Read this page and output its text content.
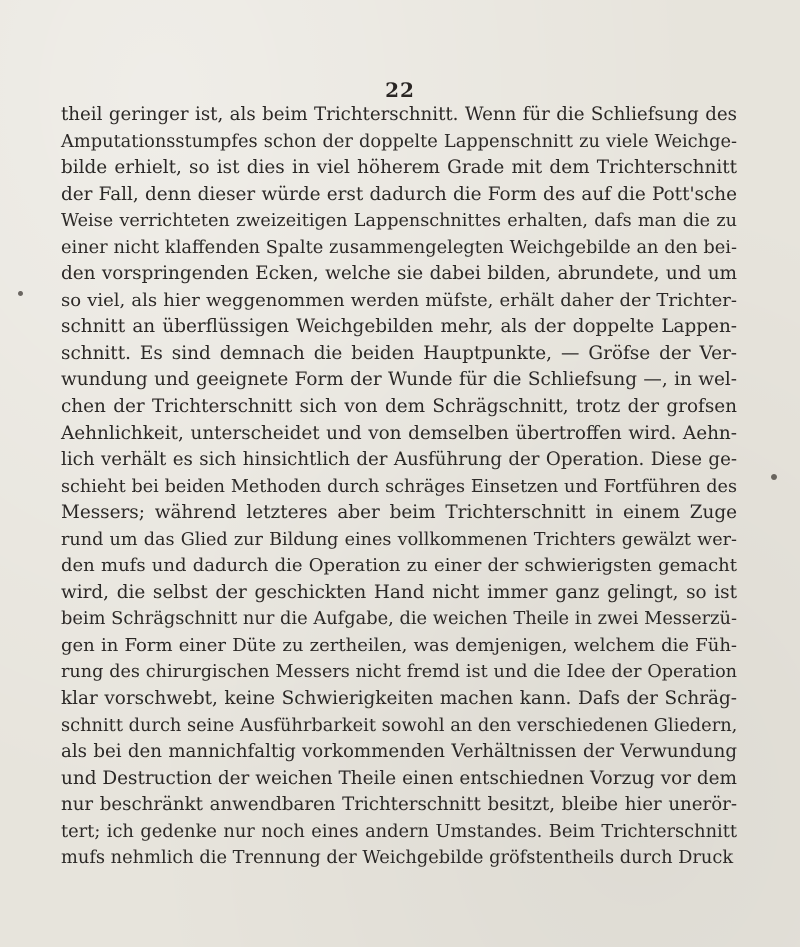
22
theil geringer ist, als beim Trichterschnitt. Wenn für die Schliefsung des
Amputationsstumpfes schon der doppelte Lappenschnitt zu viele Weichge-
bilde erhielt, so ist dies in viel höherem Grade mit dem Trichterschnitt
der Fall, denn dieser würde erst dadurch die Form des auf die Pott'sche
Weise verrichteten zweizeitigen Lappenschnittes erhalten, dafs man die zu
einer nicht klaffenden Spalte zusammengelegten Weichgebilde an den bei-
den vorspringenden Ecken, welche sie dabei bilden, abrundete, und um
so viel, als hier weggenommen werden müfste, erhält daher der Trichter-
schnitt an überflüssigen Weichgebilden mehr, als der doppelte Lappen-
schnitt. Es sind demnach die beiden Hauptpunkte, — Gröfse der Ver-
wundung und geeignete Form der Wunde für die Schliefsung —, in wel-
chen der Trichterschnitt sich von dem Schrägschnitt, trotz der grofsen
Aehnlichkeit, unterscheidet und von demselben übertroffen wird. Aehn-
lich verhält es sich hinsichtlich der Ausführung der Operation. Diese ge-
schieht bei beiden Methoden durch schräges Einsetzen und Fortführen des
Messers; während letzteres aber beim Trichterschnitt in einem Zuge
rund um das Glied zur Bildung eines vollkommenen Trichters gewälzt wer-
den mufs und dadurch die Operation zu einer der schwierigsten gemacht
wird, die selbst der geschickten Hand nicht immer ganz gelingt, so ist
beim Schrägschnitt nur die Aufgabe, die weichen Theile in zwei Messerzü-
gen in Form einer Düte zu zertheilen, was demjenigen, welchem die Füh-
rung des chirurgischen Messers nicht fremd ist und die Idee der Operation
klar vorschwebt, keine Schwierigkeiten machen kann. Dafs der Schräg-
schnitt durch seine Ausführbarkeit sowohl an den verschiedenen Gliedern,
als bei den mannichfaltig vorkommenden Verhältnissen der Verwundung
und Destruction der weichen Theile einen entschiednen Vorzug vor dem
nur beschränkt anwendbaren Trichterschnitt besitzt, bleibe hier unerör-
tert; ich gedenke nur noch eines andern Umstandes. Beim Trichterschnitt
mufs nehmlich die Trennung der Weichgebilde gröfstentheils durch Druck
